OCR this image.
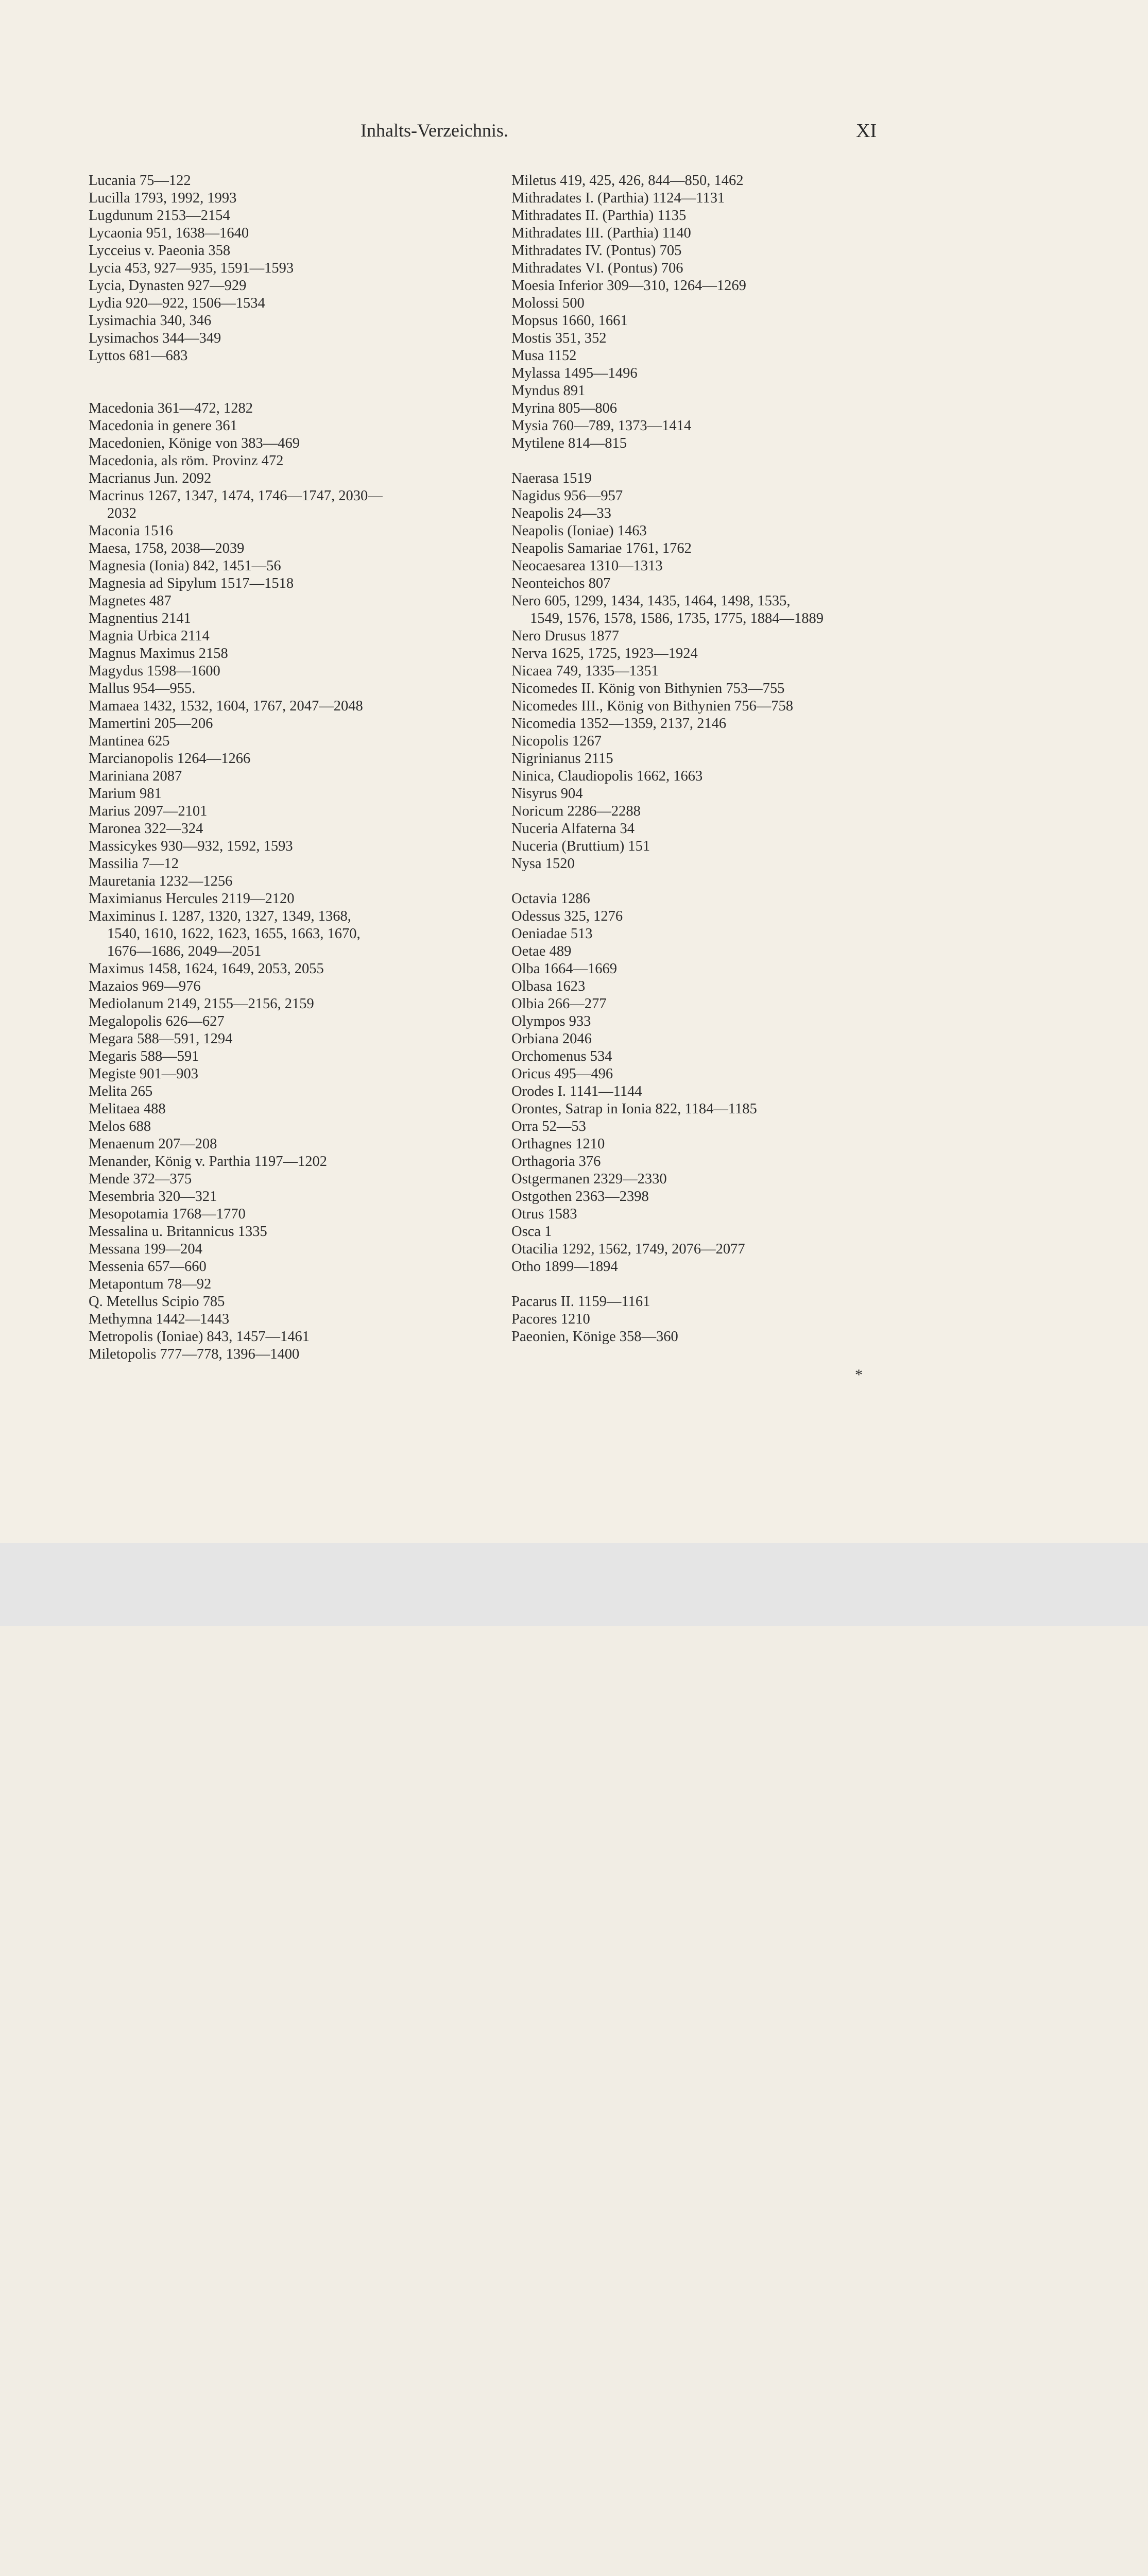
Inhalts-Verzeichnis.	XI
Lucania 75—122
Lucilla 1793, 1992, 1993
Lugdunum 2153—2154
Lycaonia 951, 1638—1640
Lycceius v. Paeonia 358
Lycia 453, 927—935, 1591—1593
Lycia, Dynasten 927—929
Lydia 920—922, 1506—1534
Lysimachia 340, 346
Lysimachos 344—349
Lyttos 681—683
Macedonia 361—472, 1282
Macedonia in genere 361
Macedonien, Könige von 383—469
Macedonia, als röm. Provinz 472
Macrianus Jun. 2092
Macrinus 1267, 1347, 1474, 1746—1747, 2030—
2032
Maconia 1516
Maesa, 1758, 2038—2039
Magnesia (Ionia) 842, 1451—56
Magnesia ad Sipylum 1517—1518
Magnetes 487
Magnentius 2141
Magnia Urbica 2114
Magnus Maximus 2158
Magydus 1598—1600
Mallus 954—955.
Mamaea 1432, 1532, 1604, 1767, 2047—2048
Mamertini 205—206
Mantinea 625
Marcianopolis 1264—1266
Mariniana 2087
Marium 981
Marius 2097—2101
Maronea 322—324
Massicykes 930—932, 1592, 1593
Massilia 7—12
Mauretania 1232—1256
Maximianus Hercules 2119—2120
Maximinus I. 1287, 1320, 1327, 1349, 1368,
1540, 1610, 1622, 1623, 1655, 1663, 1670,
1676—1686, 2049—2051
Maximus 1458, 1624, 1649, 2053, 2055
Mazaios 969—976
Mediolanum 2149, 2155—2156, 2159
Megalopolis 626—627
Megara 588—591, 1294
Megaris 588—591
Megiste 901—903
Melita 265
Melitaea 488
Melos 688
Menaenum 207—208
Menander, König v. Parthia 1197—1202
Mende 372—375
Mesembria 320—321
Mesopotamia 1768—1770
Messalina u. Britannicus 1335
Messana 199—204
Messenia 657—660
Metapontum 78—92
Q. Metellus Scipio 785
Methymna 1442—1443
Metropolis (Ioniae) 843, 1457—1461
Miletopolis 777—778, 1396—1400
Miletus 419, 425, 426, 844—850, 1462
Mithradates I. (Parthia) 1124—1131
Mithradates II. (Parthia) 1135
Mithradates III. (Parthia) 1140
Mithradates IV. (Pontus) 705
Mithradates VI. (Pontus) 706
Moesia Inferior 309—310, 1264—1269
Molossi 500
Mopsus 1660, 1661
Mostis 351, 352
Musa 1152
Mylassa 1495—1496
Myndus 891
Myrina 805—806
Mysia 760—789, 1373—1414
Mytilene 814—815
Naerasa 1519
Nagidus 956—957
Neapolis 24—33
Neapolis (Ioniae) 1463
Neapolis Samariae 1761, 1762
Neocaesarea 1310—1313
Neonteichos 807
Nero 605, 1299, 1434, 1435, 1464, 1498, 1535,
1549, 1576, 1578, 1586, 1735, 1775, 1884—1889
Nero Drusus 1877
Nerva 1625, 1725, 1923—1924
Nicaea 749, 1335—1351
Nicomedes II. König von Bithynien 753—755
Nicomedes III., König von Bithynien 756—758
Nicomedia 1352—1359, 2137, 2146
Nicopolis 1267
Nigrinianus 2115
Ninica, Claudiopolis 1662, 1663
Nisyrus 904
Noricum 2286—2288
Nuceria Alfaterna 34
Nuceria (Bruttium) 151
Nysa 1520
Octavia 1286
Odessus 325, 1276
Oeniadae 513
Oetae 489
Olba 1664—1669
Olbasa 1623
Olbia 266—277
Olympos 933
Orbiana 2046
Orchomenus 534
Oricus 495—496
Orodes I. 1141—1144
Orontes, Satrap in Ionia 822, 1184—1185
Orra 52—53
Orthagnes 1210
Orthagoria 376
Ostgermanen 2329—2330
Ostgothen 2363—2398
Otrus 1583
Osca 1
Otacilia 1292, 1562, 1749, 2076—2077
Otho 1899—1894
Pacarus II. 1159—1161
Pacores 1210
Paeonien, Könige 358—360
*
